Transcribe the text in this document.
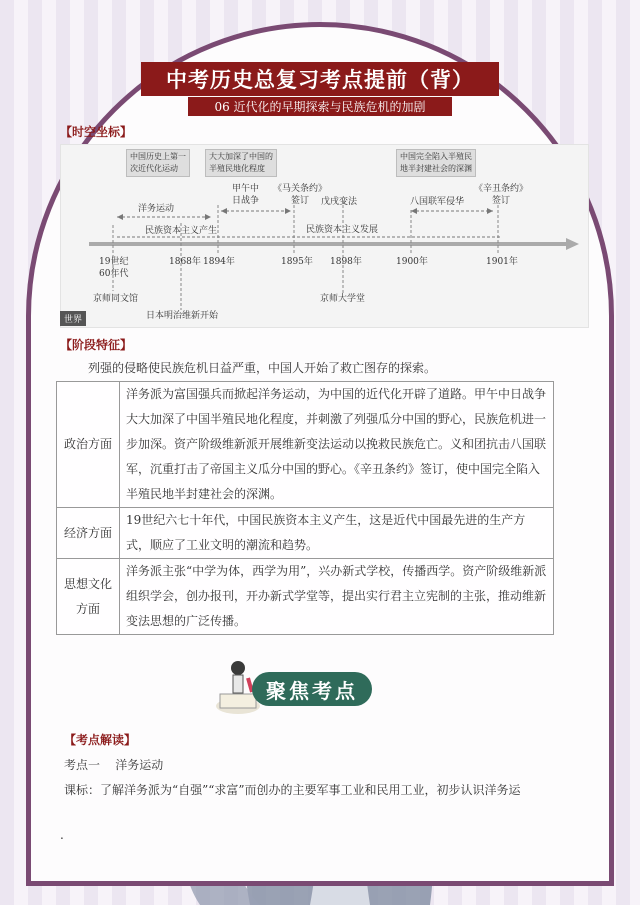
中考历史总复习考点提前（背）
06 近代化的早期探索与民族危机的加剧
【时空坐标】
中国历史上第一
次近代化运动
大大加深了中国的
半殖民地化程度
中国完全陷入半殖民
地半封建社会的深渊
洋务运动
甲午中
日战争
《马关条约》
签订	戊戌变法	八国联军侵华
《辛丑条约》
签订
民族资本主义产生	民族资本主义发展
19世纪
60年代
1868年 1894年	1895年 1898年	1900年	1901年
京师同文馆
日本明治维新开始
京师大学堂
世界
【阶段特征】
列强的侵略使民族危机日益严重，中国人开始了救亡图存的探索。
政治方面	洋务派为富国强兵而掀起洋务运动，为中国的近代化开辟了道路。甲午中日战争大大加深了中国半殖民地化程度，并刺激了列强瓜分中国的野心，民族危机进一步加深。资产阶级维新派开展维新变法运动以挽救民族危亡。义和团抗击八国联军，沉重打击了帝国主义瓜分中国的野心。《辛丑条约》签订，使中国完全陷入半殖民地半封建社会的深渊。
经济方面	19世纪六七十年代，中国民族资本主义产生，这是近代中国最先进的生产方式，顺应了工业文明的潮流和趋势。
思想文化方面	洋务派主张“中学为体，西学为用”，兴办新式学校，传播西学。资产阶级维新派组织学会，创办报刊，开办新式学堂等，提出实行君主立宪制的主张，推动维新变法思想的广泛传播。
聚焦考点
【考点解读】
考点一    洋务运动
课标：了解洋务派为“自强”“求富”而创办的主要军事工业和民用工业，初步认识洋务运
.
